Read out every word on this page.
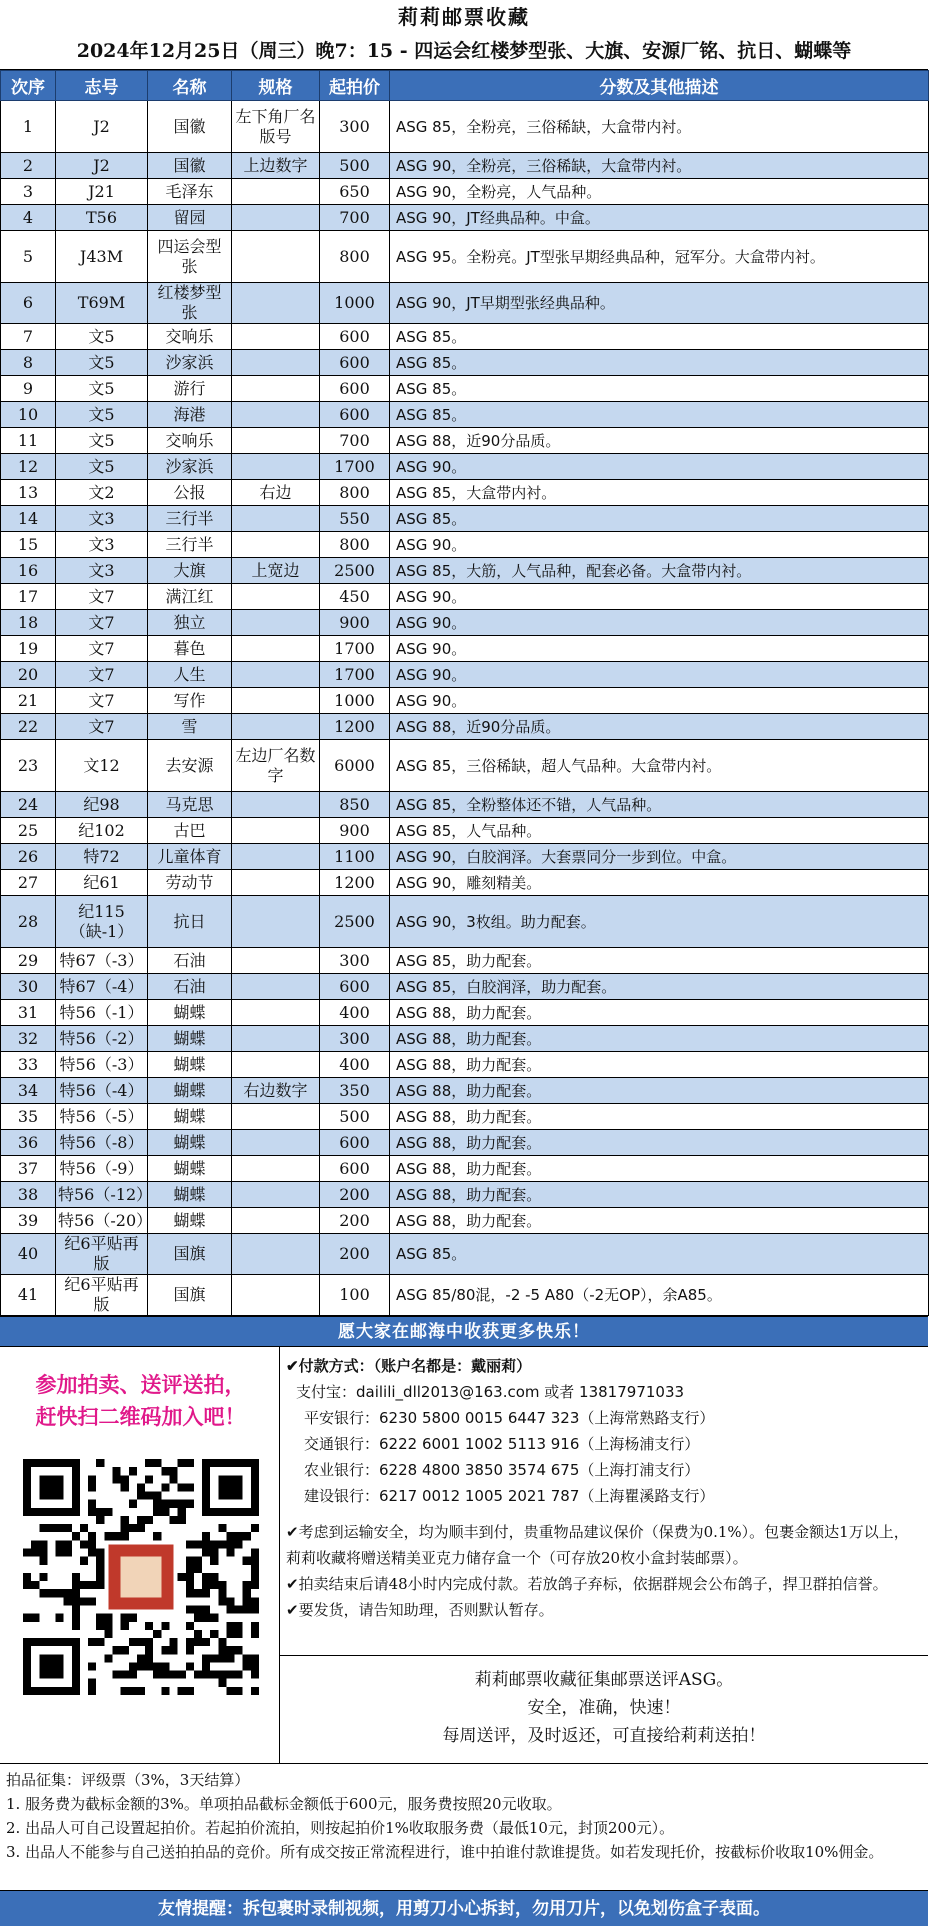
莉莉邮票收藏
2024年12月25日（周三）晚7：15 - 四运会红楼梦型张、大旗、安源厂铭、抗日、蝴蝶等
次序	志号	名称	规格	起拍价	分数及其他描述
1	J2	国徽	左下角厂名版号	300	ASG 85，全粉亮，三俗稀缺，大盒带内衬。
2	J2	国徽	上边数字	500	ASG 90，全粉亮，三俗稀缺，大盒带内衬。
3	J21	毛泽东		650	ASG 90，全粉亮，人气品种。
4	T56	留园		700	ASG 90，JT经典品种。中盒。
5	J43M	四运会型张		800	ASG 95。全粉亮。JT型张早期经典品种，冠军分。大盒带内衬。
6	T69M	红楼梦型张		1000	ASG 90，JT早期型张经典品种。
7	文5	交响乐		600	ASG 85。
8	文5	沙家浜		600	ASG 85。
9	文5	游行		600	ASG 85。
10	文5	海港		600	ASG 85。
11	文5	交响乐		700	ASG 88，近90分品质。
12	文5	沙家浜		1700	ASG 90。
13	文2	公报	右边	800	ASG 85，大盒带内衬。
14	文3	三行半		550	ASG 85。
15	文3	三行半		800	ASG 90。
16	文3	大旗	上宽边	2500	ASG 85，大筋，人气品种，配套必备。大盒带内衬。
17	文7	满江红		450	ASG 90。
18	文7	独立		900	ASG 90。
19	文7	暮色		1700	ASG 90。
20	文7	人生		1700	ASG 90。
21	文7	写作		1000	ASG 90。
22	文7	雪		1200	ASG 88，近90分品质。
23	文12	去安源	左边厂名数字	6000	ASG 85，三俗稀缺，超人气品种。大盒带内衬。
24	纪98	马克思		850	ASG 85，全粉整体还不错，人气品种。
25	纪102	古巴		900	ASG 85，人气品种。
26	特72	儿童体育		1100	ASG 90，白胶润泽。大套票同分一步到位。中盒。
27	纪61	劳动节		1200	ASG 90，雕刻精美。
28	纪115（缺-1）	抗日		2500	ASG 90，3枚组。助力配套。
29	特67（-3）	石油		300	ASG 85，助力配套。
30	特67（-4）	石油		600	ASG 85，白胶润泽，助力配套。
31	特56（-1）	蝴蝶		400	ASG 88，助力配套。
32	特56（-2）	蝴蝶		300	ASG 88，助力配套。
33	特56（-3）	蝴蝶		400	ASG 88，助力配套。
34	特56（-4）	蝴蝶	右边数字	350	ASG 88，助力配套。
35	特56（-5）	蝴蝶		500	ASG 88，助力配套。
36	特56（-8）	蝴蝶		600	ASG 88，助力配套。
37	特56（-9）	蝴蝶		600	ASG 88，助力配套。
38	特56（-12）	蝴蝶		200	ASG 88，助力配套。
39	特56（-20）	蝴蝶		200	ASG 88，助力配套。
40	纪6平贴再版	国旗		200	ASG 85。
41	纪6平贴再版	国旗		100	ASG 85/80混，-2 -5 A80（-2无OP），余A85。
愿大家在邮海中收获更多快乐！
参加拍卖、送评送拍，
赶快扫二维码加入吧！
✔付款方式：（账户名都是：戴丽莉）
支付宝：dailili_dll2013@163.com 或者 13817971033
平安银行：6230 5800 0015 6447 323（上海常熟路支行）
交通银行：6222 6001 1002 5113 916（上海杨浦支行）
农业银行：6228 4800 3850 3574 675（上海打浦支行）
建设银行：6217 0012 1005 2021 787（上海瞿溪路支行）

✔考虑到运输安全，均为顺丰到付，贵重物品建议保价（保费为0.1%）。包裹金额达1万以上，莉莉收藏将赠送精美亚克力储存盒一个（可存放20枚小盒封装邮票）。

✔拍卖结束后请48小时内完成付款。若放鸽子弃标，依据群规会公布鸽子，捍卫群拍信誉。

✔要发货，请告知助理，否则默认暂存。

莉莉邮票收藏征集邮票送评ASG。
安全，准确，快速！
每周送评，及时返还，可直接给莉莉送拍！

拍品征集：评级票（3%，3天结算）

1. 服务费为截标金额的3%。单项拍品截标金额低于600元，服务费按照20元收取。

2. 出品人可自己设置起拍价。若起拍价流拍，则按起拍价1%收取服务费（最低10元，封顶200元）。

3. 出品人不能参与自己送拍拍品的竞价。所有成交按正常流程进行，谁中拍谁付款谁提货。如若发现托价，按截标价收取10%佣金。

友情提醒：拆包裹时录制视频，用剪刀小心拆封，勿用刀片，以免划伤盒子表面。
